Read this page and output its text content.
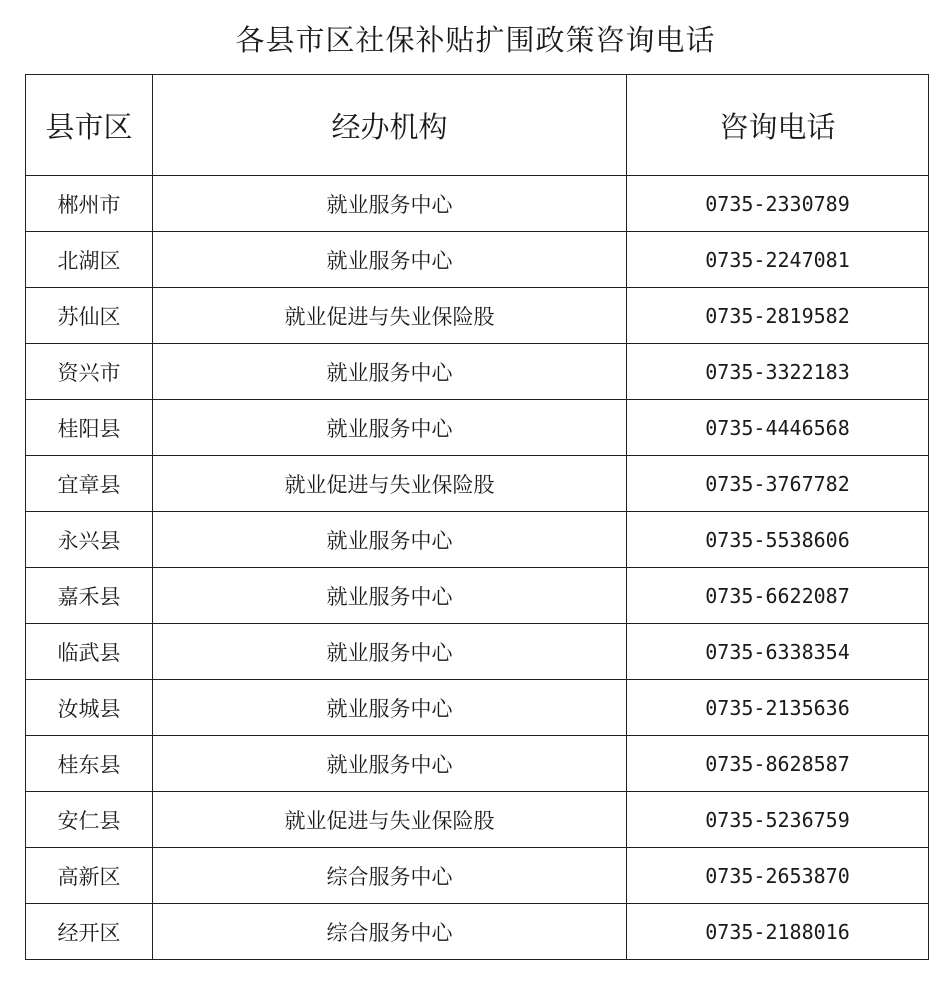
各县市区社保补贴扩围政策咨询电话
县市区	经办机构	咨询电话
郴州市	就业服务中心	0735-2330789
北湖区	就业服务中心	0735-2247081
苏仙区	就业促进与失业保险股	0735-2819582
资兴市	就业服务中心	0735-3322183
桂阳县	就业服务中心	0735-4446568
宜章县	就业促进与失业保险股	0735-3767782
永兴县	就业服务中心	0735-5538606
嘉禾县	就业服务中心	0735-6622087
临武县	就业服务中心	0735-6338354
汝城县	就业服务中心	0735-2135636
桂东县	就业服务中心	0735-8628587
安仁县	就业促进与失业保险股	0735-5236759
高新区	综合服务中心	0735-2653870
经开区	综合服务中心	0735-2188016
